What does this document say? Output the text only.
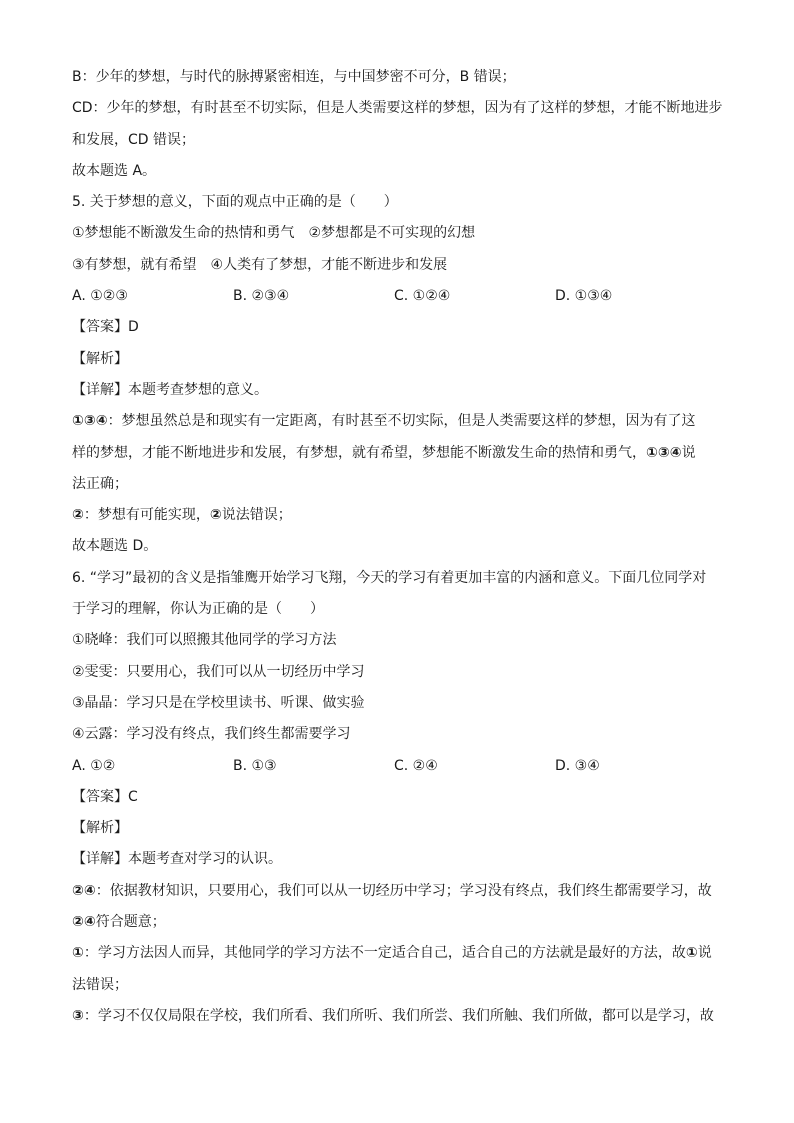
B：少年的梦想，与时代的脉搏紧密相连，与中国梦密不可分，B 错误；
CD：少年的梦想，有时甚至不切实际，但是人类需要这样的梦想，因为有了这样的梦想，才能不断地进步
和发展，CD 错误；
故本题选 A。
5. 关于梦想的意义，下面的观点中正确的是（　　）
①梦想能不断激发生命的热情和勇气　②梦想都是不可实现的幻想
③有梦想，就有希望　④人类有了梦想，才能不断进步和发展
A. ①②③	B. ②③④	C. ①②④	D. ①③④
【答案】D
【解析】
【详解】本题考查梦想的意义。
①③④：梦想虽然总是和现实有一定距离，有时甚至不切实际，但是人类需要这样的梦想，因为有了这
样的梦想，才能不断地进步和发展，有梦想，就有希望，梦想能不断激发生命的热情和勇气，①③④说
法正确；
②：梦想有可能实现，②说法错误；
故本题选 D。
6. “学习”最初的含义是指雏鹰开始学习飞翔，今天的学习有着更加丰富的内涵和意义。下面几位同学对
于学习的理解，你认为正确的是（　　）
①晓峰：我们可以照搬其他同学的学习方法
②雯雯：只要用心，我们可以从一切经历中学习
③晶晶：学习只是在学校里读书、听课、做实验
④云露：学习没有终点，我们终生都需要学习
A. ①②	B. ①③	C. ②④	D. ③④
【答案】C
【解析】
【详解】本题考查对学习的认识。
②④：依据教材知识，只要用心，我们可以从一切经历中学习；学习没有终点，我们终生都需要学习，故
②④符合题意；
①：学习方法因人而异，其他同学的学习方法不一定适合自己，适合自己的方法就是最好的方法，故①说
法错误；
③：学习不仅仅局限在学校，我们所看、我们所听、我们所尝、我们所触、我们所做，都可以是学习，故
